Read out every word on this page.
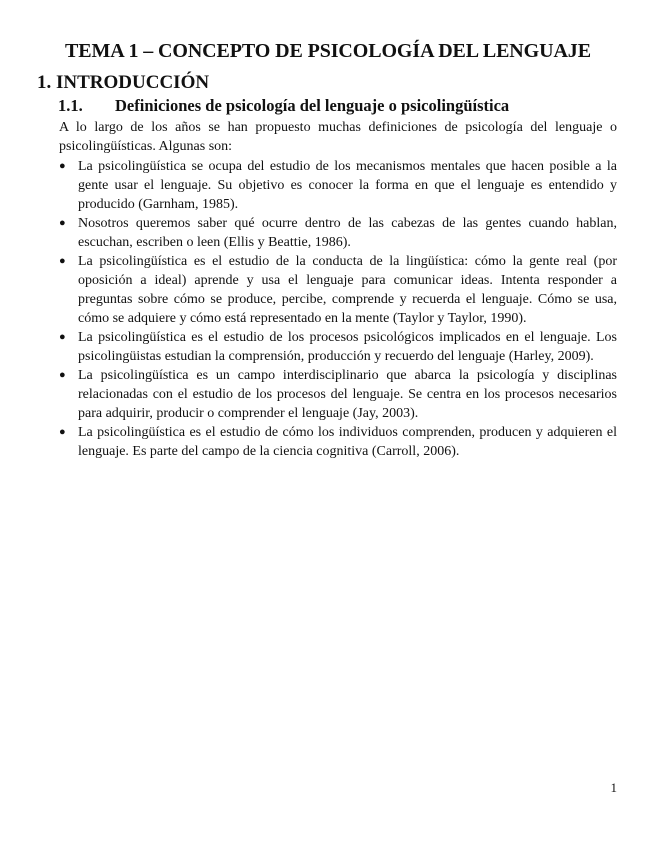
TEMA 1 – CONCEPTO DE PSICOLOGÍA DEL LENGUAJE
1. INTRODUCCIÓN
1.1.	Definiciones de psicología del lenguaje o psicolingüística

A lo largo de los años se han propuesto muchas definiciones de psicología del lenguaje o psicolingüísticas. Algunas son:

● La psicolingüística se ocupa del estudio de los mecanismos mentales que hacen posible a la gente usar el lenguaje. Su objetivo es conocer la forma en que el lenguaje es entendido y producido (Garnham, 1985).
● Nosotros queremos saber qué ocurre dentro de las cabezas de las gentes cuando hablan, escuchan, escriben o leen (Ellis y Beattie, 1986).
● La psicolingüística es el estudio de la conducta de la lingüística: cómo la gente real (por oposición a ideal) aprende y usa el lenguaje para comunicar ideas. Intenta responder a preguntas sobre cómo se produce, percibe, comprende y recuerda el lenguaje. Cómo se usa, cómo se adquiere y cómo está representado en la mente (Taylor y Taylor, 1990).
● La psicolingüística es el estudio de los procesos psicológicos implicados en el lenguaje. Los psicolingüistas estudian la comprensión, producción y recuerdo del lenguaje (Harley, 2009).
● La psicolingüística es un campo interdisciplinario que abarca la psicología y disciplinas relacionadas con el estudio de los procesos del lenguaje. Se centra en los procesos necesarios para adquirir, producir o comprender el lenguaje (Jay, 2003).
● La psicolingüística es el estudio de cómo los individuos comprenden, producen y adquieren el lenguaje. Es parte del campo de la ciencia cognitiva (Carroll, 2006).
1
